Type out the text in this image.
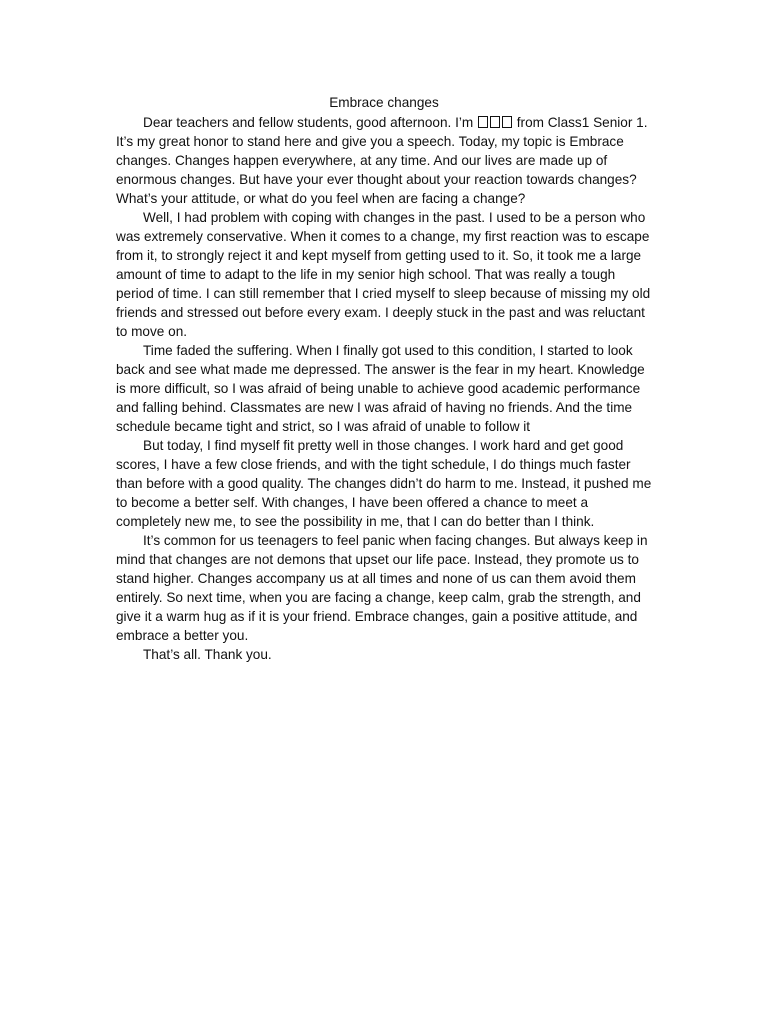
Embrace changes

Dear teachers and fellow students, good afternoon. I’m	from Class1 Senior 1. It’s my great honor to stand here and give you a speech. Today, my topic is Embrace changes. Changes happen everywhere, at any time. And our lives are made up of enormous changes. But have your ever thought about your reaction towards changes? What’s your attitude, or what do you feel when are facing a change?

Well, I had problem with coping with changes in the past. I used to be a person who was extremely conservative. When it comes to a change, my first reaction was to escape from it, to strongly reject it and kept myself from getting used to it. So, it took me a large amount of time to adapt to the life in my senior high school. That was really a tough period of time. I can still remember that I cried myself to sleep because of missing my old friends and stressed out before every exam. I deeply stuck in the past and was reluctant to move on.

Time faded the suffering. When I finally got used to this condition, I started to look back and see what made me depressed. The answer is the fear in my heart. Knowledge is more difficult, so I was afraid of being unable to achieve good academic performance and falling behind. Classmates are new I was afraid of having no friends. And the time schedule became tight and strict, so I was afraid of unable to follow it

But today, I find myself fit pretty well in those changes. I work hard and get good scores, I have a few close friends, and with the tight schedule, I do things much faster than before with a good quality. The changes didn’t do harm to me. Instead, it pushed me to become a better self. With changes, I have been offered a chance to meet a completely new me, to see the possibility in me, that I can do better than I think.

It’s common for us teenagers to feel panic when facing changes. But always keep in mind that changes are not demons that upset our life pace. Instead, they promote us to stand higher. Changes accompany us at all times and none of us can them avoid them entirely. So next time, when you are facing a change, keep calm, grab the strength, and give it a warm hug as if it is your friend. Embrace changes, gain a positive attitude, and embrace a better you.

That’s all. Thank you.
